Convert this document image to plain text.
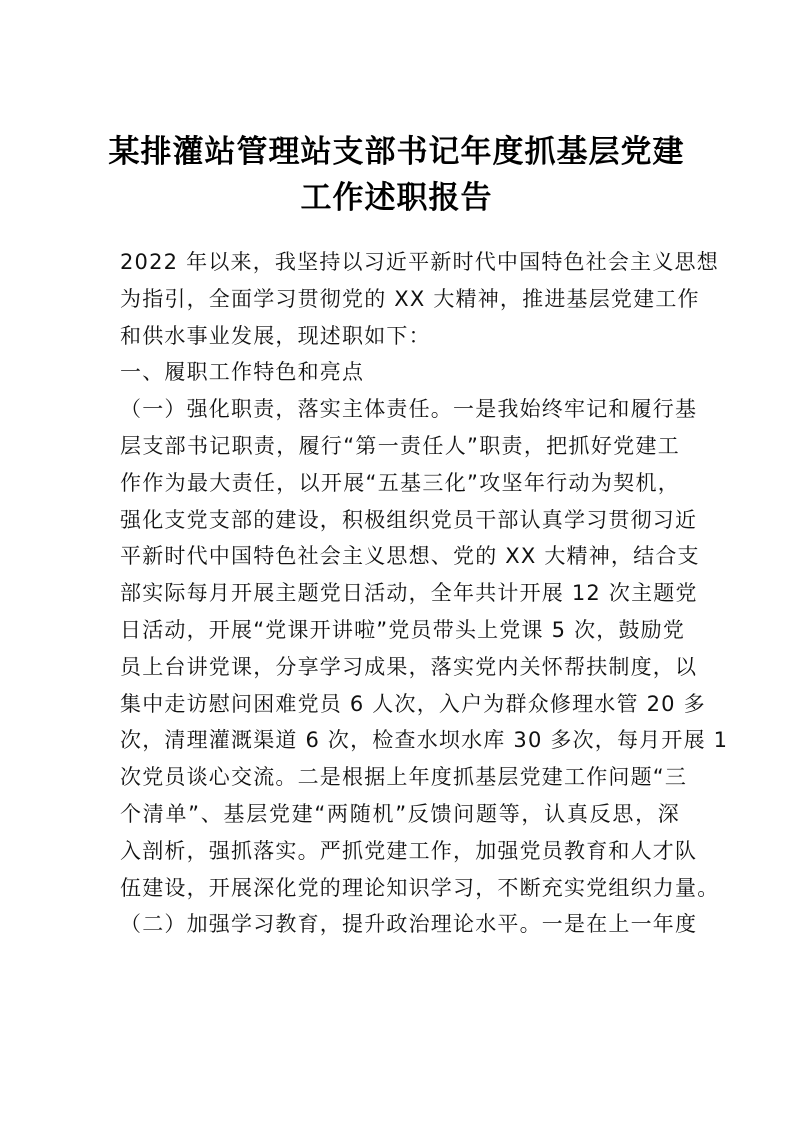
某排灌站管理站支部书记年度抓基层党建
工作述职报告
2022 年以来，我坚持以习近平新时代中国特色社会主义思想
为指引，全面学习贯彻党的 XX 大精神，推进基层党建工作
和供水事业发展，现述职如下：
一、履职工作特色和亮点
（一）强化职责，落实主体责任。一是我始终牢记和履行基
层支部书记职责，履行“第一责任人”职责，把抓好党建工
作作为最大责任，以开展“五基三化”攻坚年行动为契机，
强化支党支部的建设，积极组织党员干部认真学习贯彻习近
平新时代中国特色社会主义思想、党的 XX 大精神，结合支
部实际每月开展主题党日活动，全年共计开展 12 次主题党
日活动，开展“党课开讲啦”党员带头上党课 5 次，鼓励党
员上台讲党课，分享学习成果，落实党内关怀帮扶制度，以
集中走访慰问困难党员 6 人次，入户为群众修理水管 20 多
次，清理灌溉渠道 6 次，检查水坝水库 30 多次，每月开展 1
次党员谈心交流。二是根据上年度抓基层党建工作问题“三
个清单”、基层党建“两随机”反馈问题等，认真反思，深
入剖析，强抓落实。严抓党建工作，加强党员教育和人才队
伍建设，开展深化党的理论知识学习，不断充实党组织力量。
（二）加强学习教育，提升政治理论水平。一是在上一年度
